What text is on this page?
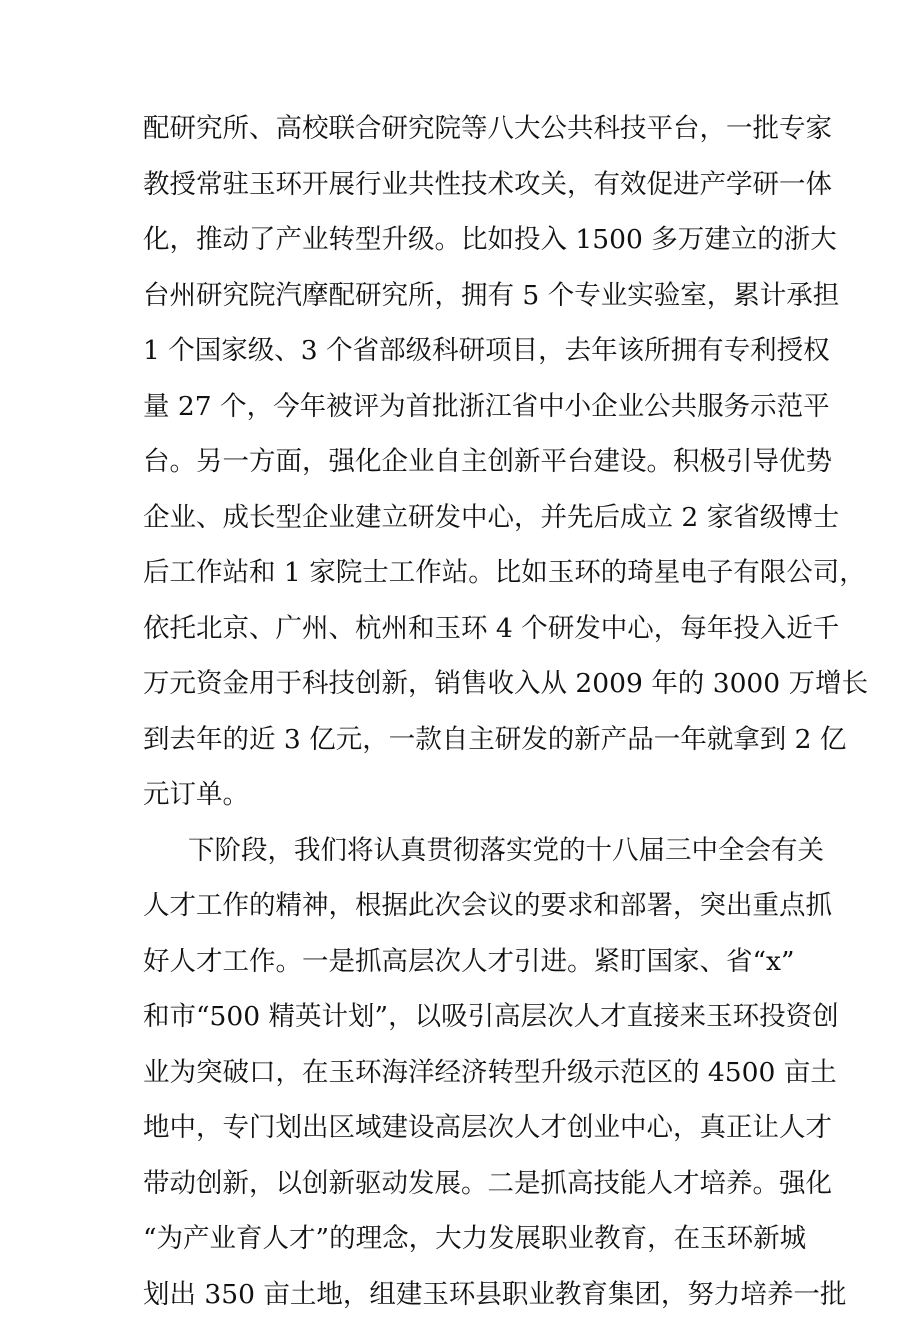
配研究所、高校联合研究院等八大公共科技平台，一批专家
教授常驻玉环开展行业共性技术攻关，有效促进产学研一体
化，推动了产业转型升级。比如投入 1500 多万建立的浙大
台州研究院汽摩配研究所，拥有 5 个专业实验室，累计承担
1 个国家级、3 个省部级科研项目，去年该所拥有专利授权
量 27 个，今年被评为首批浙江省中小企业公共服务示范平
台。另一方面，强化企业自主创新平台建设。积极引导优势
企业、成长型企业建立研发中心，并先后成立 2 家省级博士
后工作站和 1 家院士工作站。比如玉环的琦星电子有限公司，
依托北京、广州、杭州和玉环 4 个研发中心，每年投入近千
万元资金用于科技创新，销售收入从 2009 年的 3000 万增长
到去年的近 3 亿元，一款自主研发的新产品一年就拿到 2 亿
元订单。
下阶段，我们将认真贯彻落实党的十八届三中全会有关
人才工作的精神，根据此次会议的要求和部署，突出重点抓
好人才工作。一是抓高层次人才引进。紧盯国家、省“x”
和市“500 精英计划”，以吸引高层次人才直接来玉环投资创
业为突破口，在玉环海洋经济转型升级示范区的 4500 亩土
地中，专门划出区域建设高层次人才创业中心，真正让人才
带动创新，以创新驱动发展。二是抓高技能人才培养。强化
“为产业育人才”的理念，大力发展职业教育，在玉环新城
划出 350 亩土地，组建玉环县职业教育集团，努力培养一批
